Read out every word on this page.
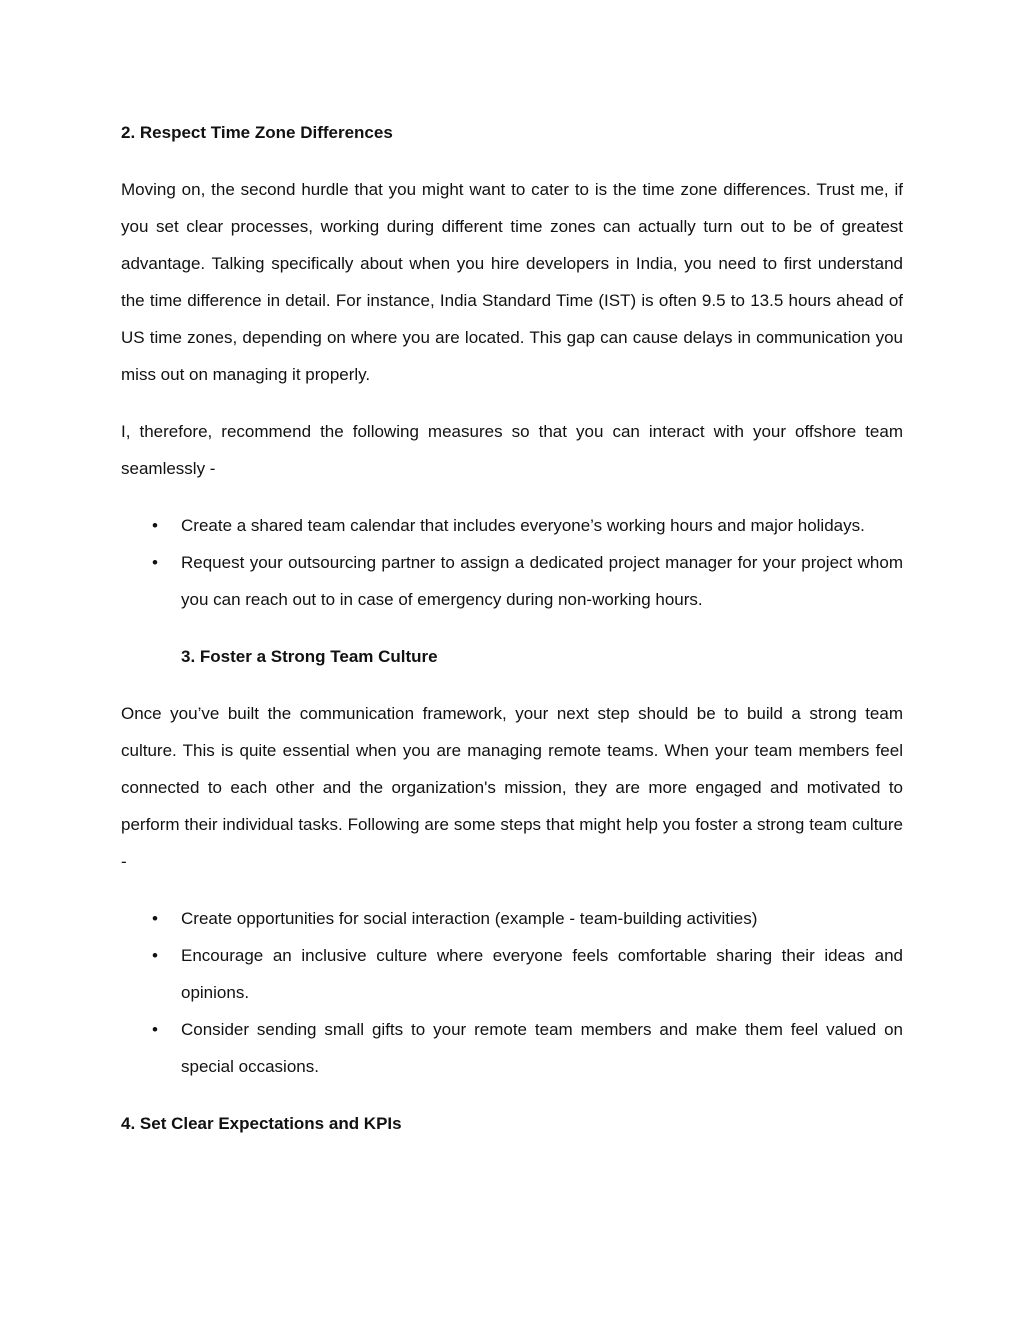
2. Respect Time Zone Differences

Moving on, the second hurdle that you might want to cater to is the time zone differences. Trust me, if you set clear processes, working during different time zones can actually turn out to be of greatest advantage. Talking specifically about when you hire developers in India, you need to first understand the time difference in detail. For instance, India Standard Time (IST) is often 9.5 to 13.5 hours ahead of US time zones, depending on where you are located. This gap can cause delays in communication you miss out on managing it properly.

I, therefore, recommend the following measures so that you can interact with your offshore team seamlessly -

• Create a shared team calendar that includes everyone’s working hours and major holidays.
• Request your outsourcing partner to assign a dedicated project manager for your project whom you can reach out to in case of emergency during non-working hours.

3. Foster a Strong Team Culture

Once you’ve built the communication framework, your next step should be to build a strong team culture. This is quite essential when you are managing remote teams. When your team members feel connected to each other and the organization's mission, they are more engaged and motivated to perform their individual tasks. Following are some steps that might help you foster a strong team culture -

• Create opportunities for social interaction (example - team-building activities)
• Encourage an inclusive culture where everyone feels comfortable sharing their ideas and opinions.
• Consider sending small gifts to your remote team members and make them feel valued on special occasions.

4. Set Clear Expectations and KPIs
